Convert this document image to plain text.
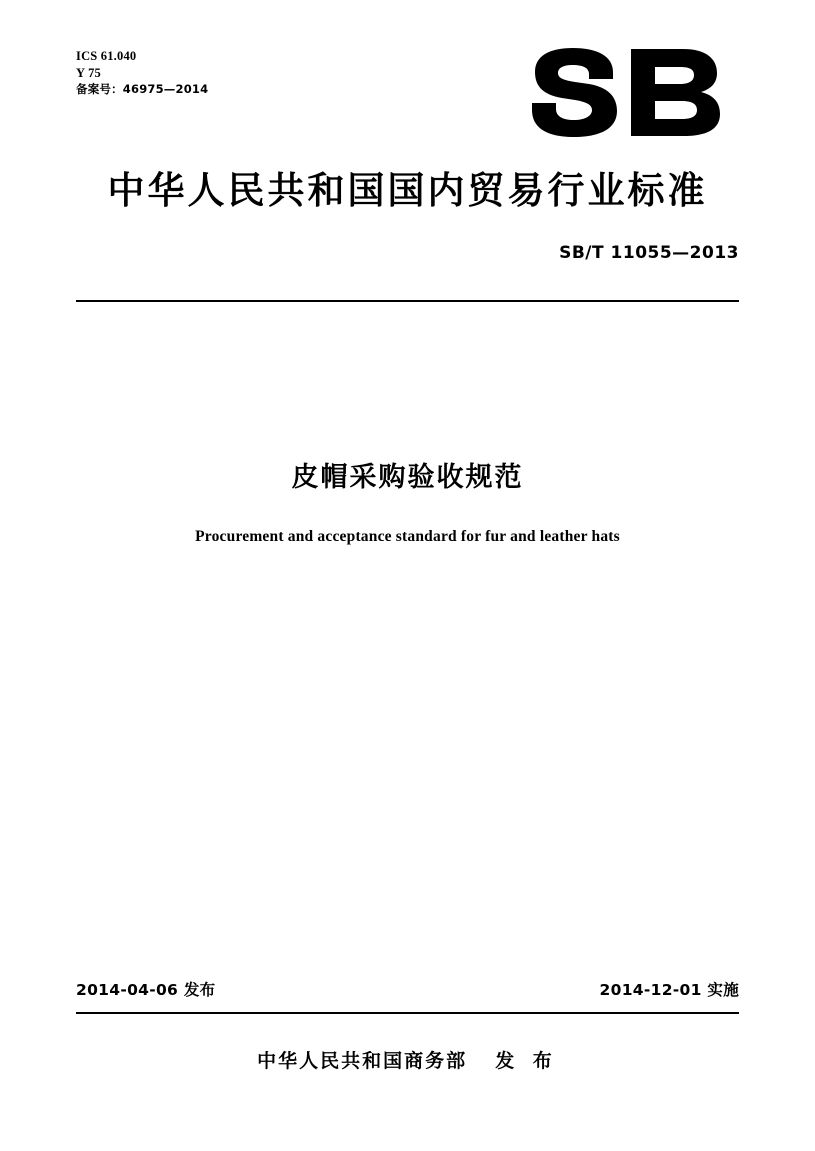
ICS 61.040
Y 75
备案号：46975—2014
中华人民共和国国内贸易行业标准
SB/T 11055—2013
皮帽采购验收规范
Procurement and acceptance standard for fur and leather hats
2014-04-06 发布	2014-12-01 实施
中华人民共和国商务部 发 布
